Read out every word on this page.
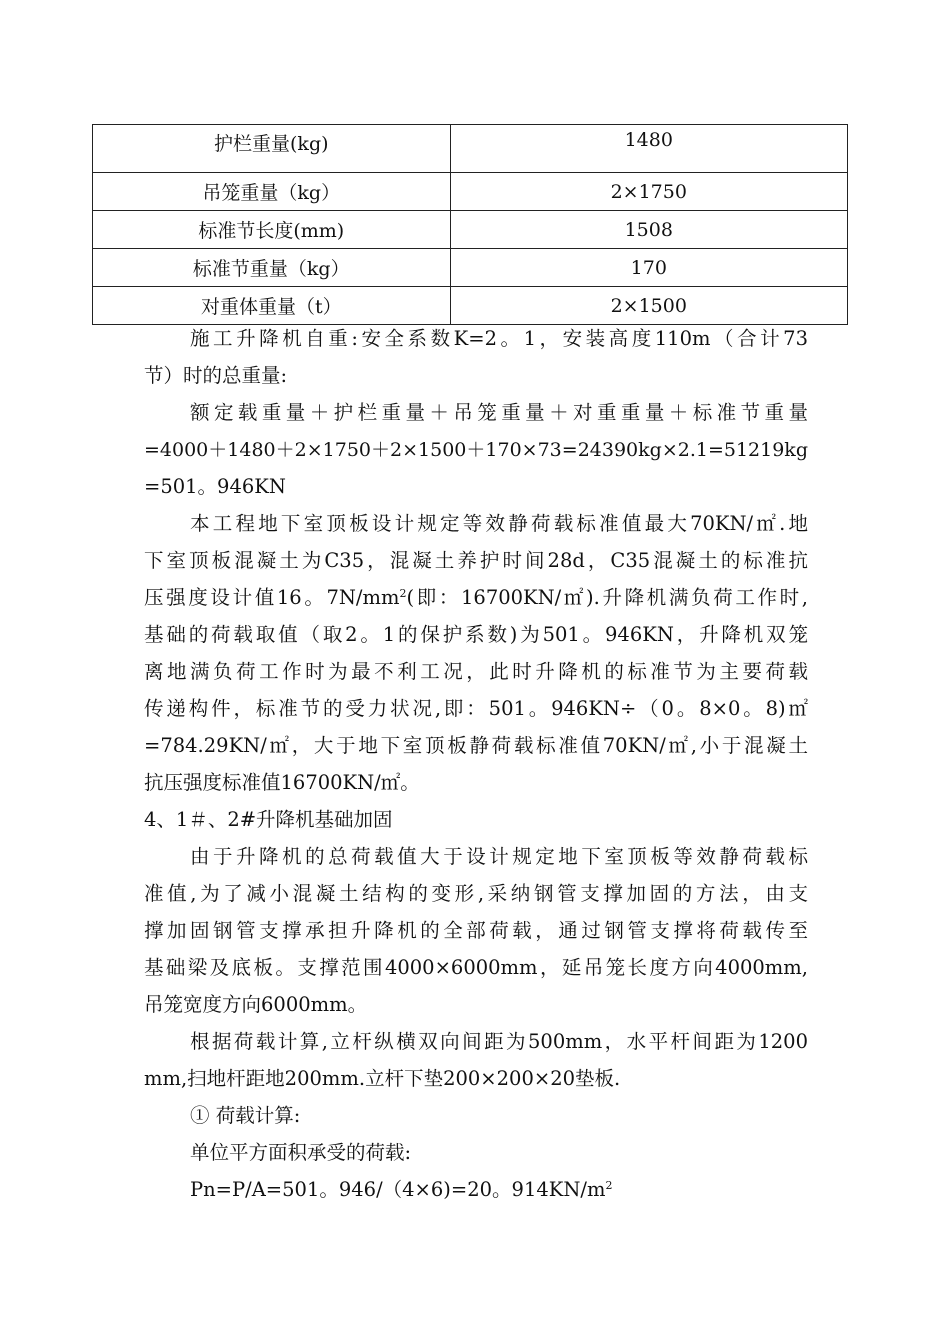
护栏重量(kg)	1480
吊笼重量（kg）	2×1750
标准节长度(mm)	1508
标准节重量（kg）	170
对重体重量（t）	2×1500
施工升降机自重:安全系数K=2。1，安装高度110m（合计73
节）时的总重量:
额定载重量＋护栏重量＋吊笼重量＋对重重量＋标准节重量
=4000＋1480＋2×1750＋2×1500＋170×73=24390kg×2.1=51219kg
=501。946KN
本工程地下室顶板设计规定等效静荷载标准值最大70KN/㎡.地
下室顶板混凝土为C35，混凝土养护时间28d，C35混凝土的标准抗
压强度设计值16。$7N/mm^2$(即：16700KN/㎡).升降机满负荷工作时,
基础的荷载取值（取2。1的保护系数)为501。946KN，升降机双笼
离地满负荷工作时为最不利工况，此时升降机的标准节为主要荷载
传递构件，标准节的受力状况,即：501。946KN÷（0。8×0。8)㎡
=784.29KN/㎡，大于地下室顶板静荷载标准值70KN/㎡,小于混凝土
抗压强度标准值16700KN/㎡。
4、1＃、2#升降机基础加固
由于升降机的总荷载值大于设计规定地下室顶板等效静荷载标
准值,为了减小混凝土结构的变形,采纳钢管支撑加固的方法，由支
撑加固钢管支撑承担升降机的全部荷载，通过钢管支撑将荷载传至
基础梁及底板。支撑范围4000×6000mm，延吊笼长度方向4000mm,
吊笼宽度方向6000mm。
根据荷载计算,立杆纵横双向间距为500mm，水平杆间距为1200
mm,扫地杆距地200mm.立杆下垫200×200×20垫板.
① 荷载计算:
单位平方面积承受的荷载:
Pn=P/A=501。946/（4×6)=20。$914KN/m^2$
